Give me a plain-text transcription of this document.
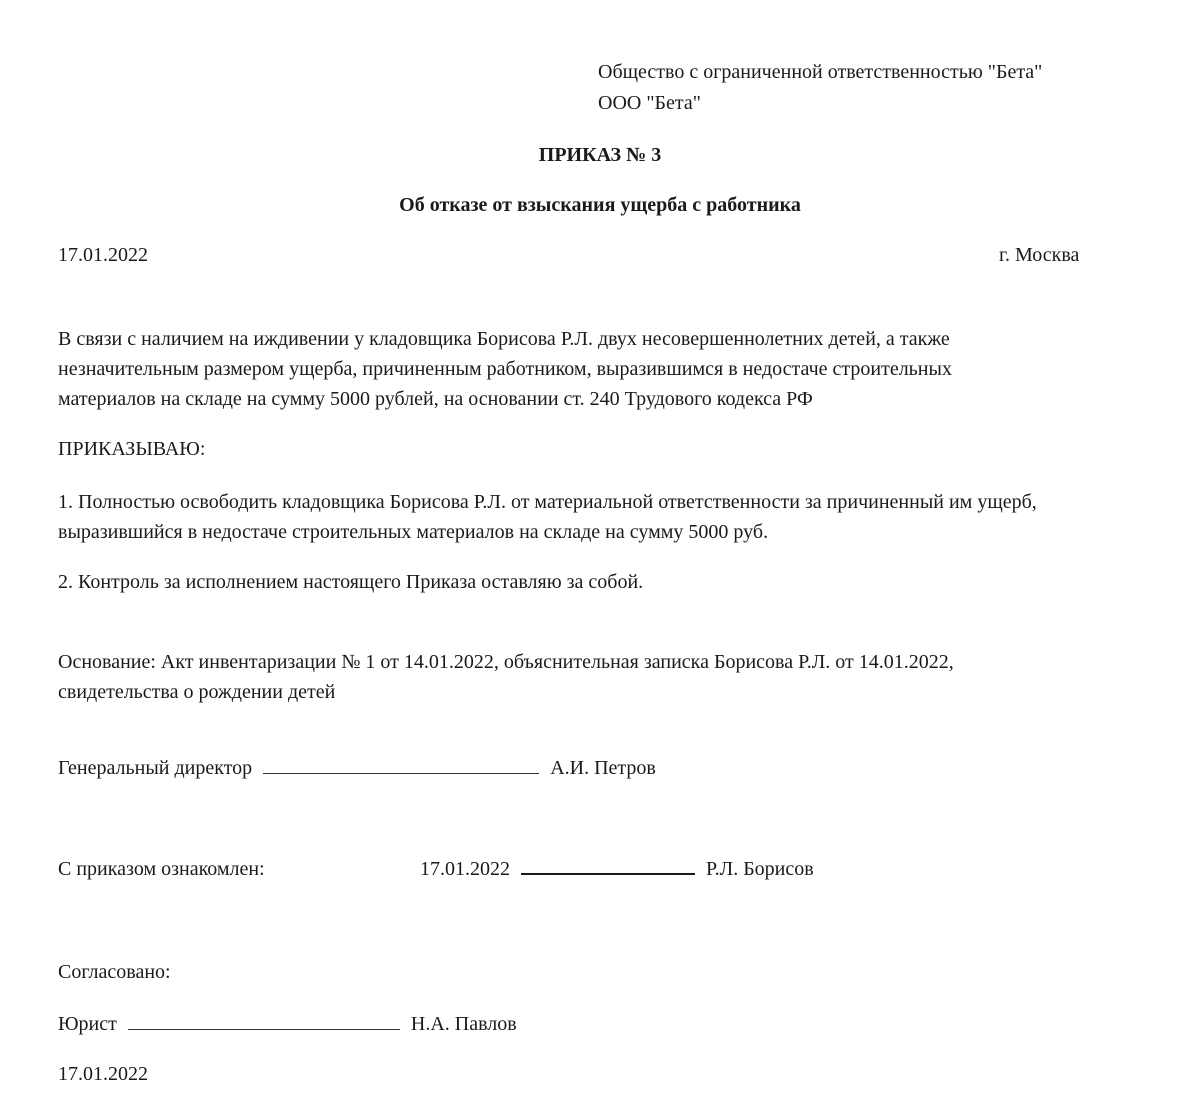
Общество с ограниченной ответственностью "Бета"
ООО "Бета"
ПРИКАЗ № 3
Об отказе от взыскания ущерба с работника
17.01.2022	г. Москва
В связи с наличием на иждивении у кладовщика Борисова Р.Л. двух несовершеннолетних детей, а также
незначительным размером ущерба, причиненным работником, выразившимся в недостаче строительных
материалов на складе на сумму 5000 рублей, на основании ст. 240 Трудового кодекса РФ
ПРИКАЗЫВАЮ:
1. Полностью освободить кладовщика Борисова Р.Л. от материальной ответственности за причиненный им ущерб,
выразившийся в недостаче строительных материалов на складе на сумму 5000 руб.
2. Контроль за исполнением настоящего Приказа оставляю за собой.
Основание: Акт инвентаризации № 1 от 14.01.2022, объяснительная записка Борисова Р.Л. от 14.01.2022,
свидетельства о рождении детей
Генеральный директор	А.И. Петров
С приказом ознакомлен:	17.01.2022	Р.Л. Борисов
Согласовано:
Юрист	Н.А. Павлов
17.01.2022
